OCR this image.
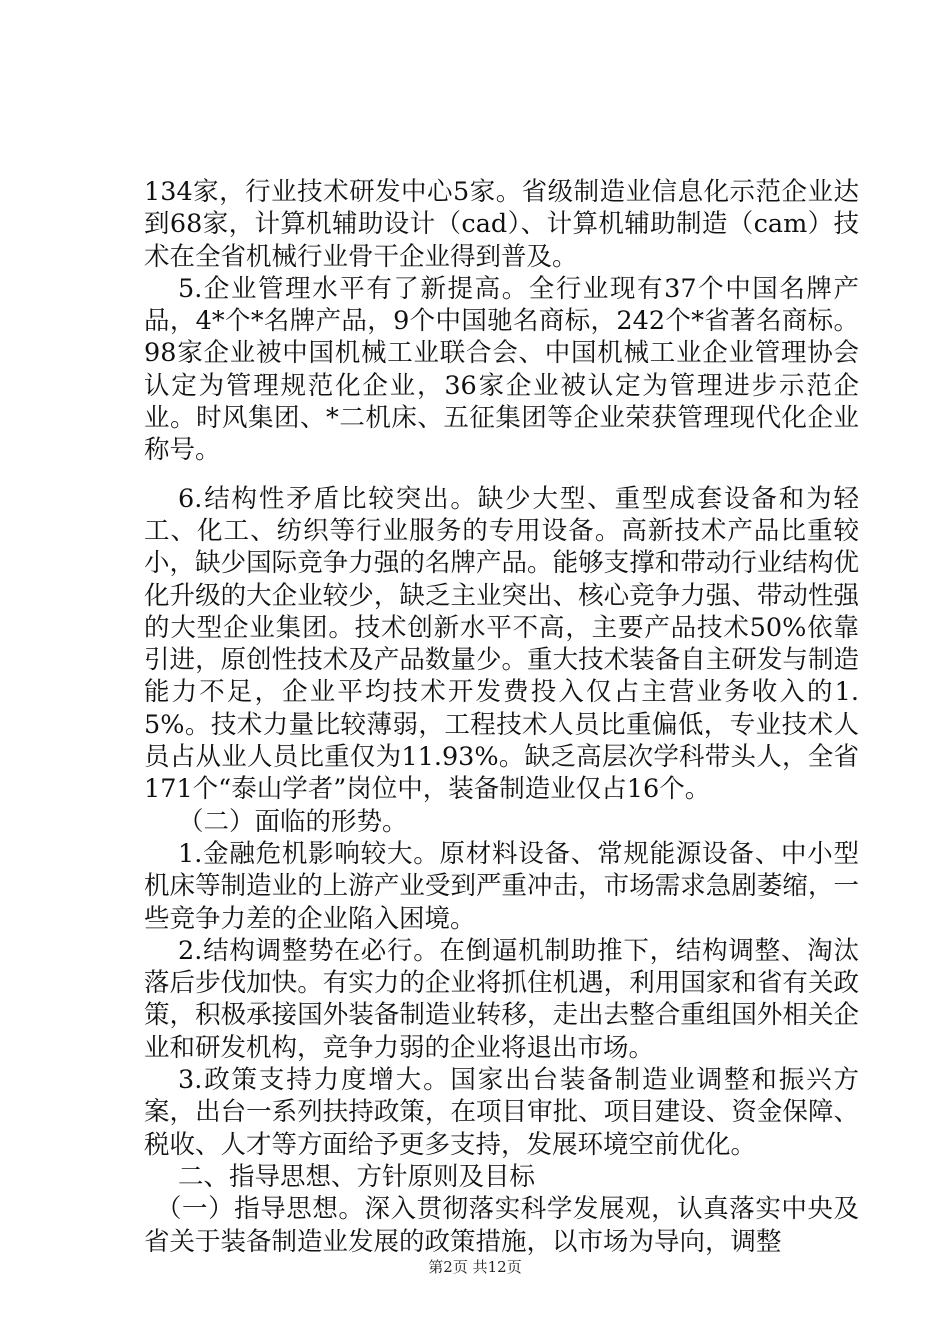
134家，行业技术研发中心5家。省级制造业信息化示范企业达到68家，计算机辅助设计（cad）、计算机辅助制造（cam）技术在全省机械行业骨干企业得到普及。

5.企业管理水平有了新提高。全行业现有37个中国名牌产品，4*个*名牌产品，9个中国驰名商标，242个*省著名商标。98家企业被中国机械工业联合会、中国机械工业企业管理协会认定为管理规范化企业，36家企业被认定为管理进步示范企业。时风集团、*二机床、五征集团等企业荣获管理现代化企业称号。

6.结构性矛盾比较突出。缺少大型、重型成套设备和为轻工、化工、纺织等行业服务的专用设备。高新技术产品比重较小，缺少国际竞争力强的名牌产品。能够支撑和带动行业结构优化升级的大企业较少，缺乏主业突出、核心竞争力强、带动性强的大型企业集团。技术创新水平不高，主要产品技术50%依靠引进，原创性技术及产品数量少。重大技术装备自主研发与制造能力不足，企业平均技术开发费投入仅占主营业务收入的1.5%。技术力量比较薄弱，工程技术人员比重偏低，专业技术人员占从业人员比重仅为11.93%。缺乏高层次学科带头人，全省171个“泰山学者”岗位中，装备制造业仅占16个。

（二）面临的形势。

1.金融危机影响较大。原材料设备、常规能源设备、中小型机床等制造业的上游产业受到严重冲击，市场需求急剧萎缩，一些竞争力差的企业陷入困境。

2.结构调整势在必行。在倒逼机制助推下，结构调整、淘汰落后步伐加快。有实力的企业将抓住机遇，利用国家和省有关政策，积极承接国外装备制造业转移，走出去整合重组国外相关企业和研发机构，竞争力弱的企业将退出市场。

3.政策支持力度增大。国家出台装备制造业调整和振兴方案，出台一系列扶持政策，在项目审批、项目建设、资金保障、税收、人才等方面给予更多支持，发展环境空前优化。

二、指导思想、方针原则及目标

（一）指导思想。深入贯彻落实科学发展观，认真落实中央及省关于装备制造业发展的政策措施，以市场为导向，调整

第2页 共12页
